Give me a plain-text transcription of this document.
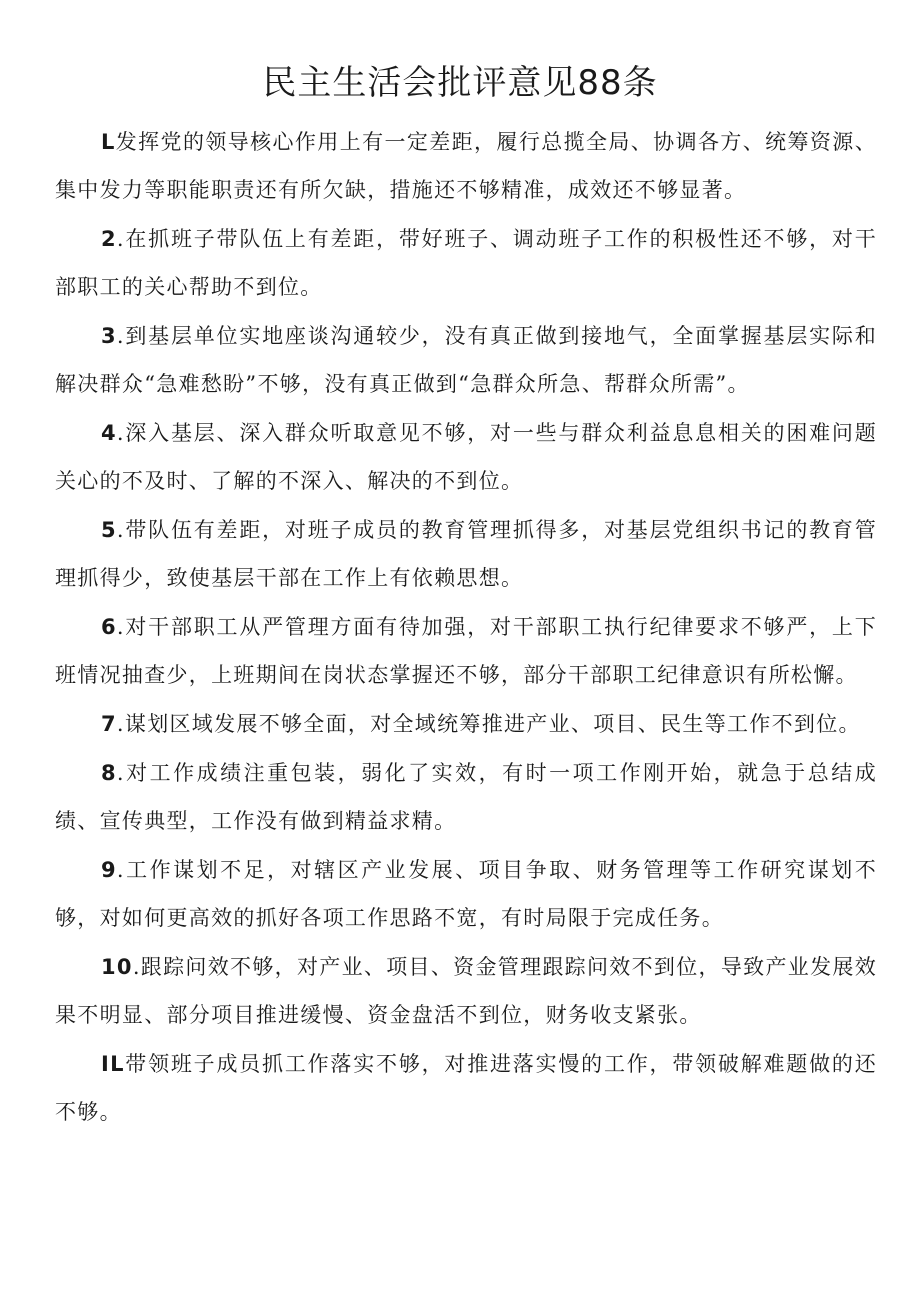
民主生活会批评意见88条
L发挥党的领导核心作用上有一定差距，履行总揽全局、协调各方、统筹资源、集中发力等职能职责还有所欠缺，措施还不够精准，成效还不够显著。
2.在抓班子带队伍上有差距，带好班子、调动班子工作的积极性还不够，对干部职工的关心帮助不到位。
3.到基层单位实地座谈沟通较少，没有真正做到接地气，全面掌握基层实际和解决群众“急难愁盼”不够，没有真正做到“急群众所急、帮群众所需”。
4.深入基层、深入群众听取意见不够，对一些与群众利益息息相关的困难问题关心的不及时、了解的不深入、解决的不到位。
5.带队伍有差距，对班子成员的教育管理抓得多，对基层党组织书记的教育管理抓得少，致使基层干部在工作上有依赖思想。
6.对干部职工从严管理方面有待加强，对干部职工执行纪律要求不够严，上下班情况抽查少，上班期间在岗状态掌握还不够，部分干部职工纪律意识有所松懈。
7.谋划区域发展不够全面，对全域统筹推进产业、项目、民生等工作不到位。
8.对工作成绩注重包装，弱化了实效，有时一项工作刚开始，就急于总结成绩、宣传典型，工作没有做到精益求精。
9.工作谋划不足，对辖区产业发展、项目争取、财务管理等工作研究谋划不够，对如何更高效的抓好各项工作思路不宽，有时局限于完成任务。
10.跟踪问效不够，对产业、项目、资金管理跟踪问效不到位，导致产业发展效果不明显、部分项目推进缓慢、资金盘活不到位，财务收支紧张。
IL带领班子成员抓工作落实不够，对推进落实慢的工作，带领破解难题做的还不够。
